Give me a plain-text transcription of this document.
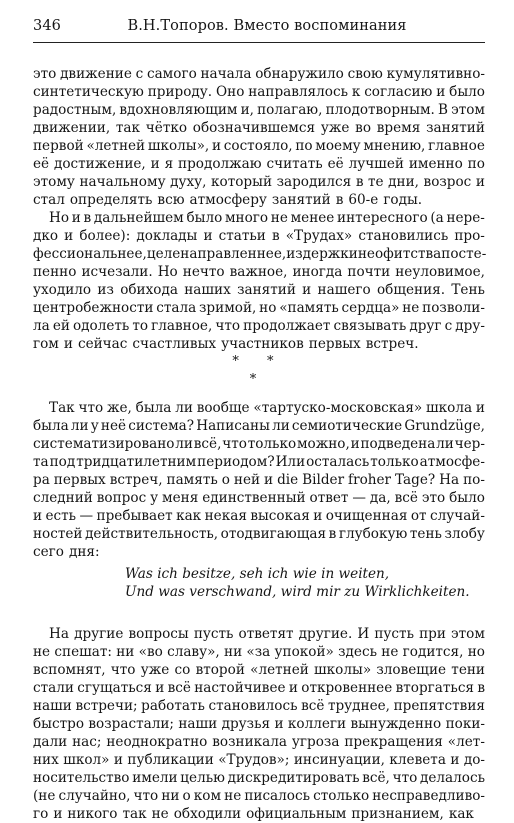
346	В.Н.Топоров. Вместо воспоминания
это движение с самого начала обнаружило свою кумулятивно-
синтетическую природу. Оно направлялось к согласию и было
радостным, вдохновляющим и, полагаю, плодотворным. В этом
движении, так чётко обозначившемся уже во время занятий
первой «летней школы», и состояло, по моему мнению, главное
её достижение, и я продолжаю считать её лучшей именно по
этому начальному духу, который зародился в те дни, возрос и
стал определять всю атмосферу занятий в 60-е годы.
Но и в дальнейшем было много не менее интересного (а нере-
дко и более): доклады и статьи в «Трудах» становились про-
фессиональнее, целенаправленнее, издержки неофитства посте-
пенно исчезали. Но нечто важное, иногда почти неуловимое,
уходило из обихода наших занятий и нашего общения. Тень
центробежности стала зримой, но «память сердца» не позволи-
ла ей одолеть то главное, что продолжает связывать друг с дру-
гом и сейчас счастливых участников первых встреч.
* *
*
Так что же, была ли вообще «тартуско-московская» школа и
была ли у неё система? Написаны ли семиотические Grundzüge,
систематизировано ли всё, что только можно, и подведена ли чер-
та под тридцатилетним периодом? Или осталась только атмосфе-
ра первых встреч, память о ней и die Bilder froher Tage? На по-
следний вопрос у меня единственный ответ — да, всё это было
и есть — пребывает как некая высокая и очищенная от случай-
ностей действительность, отодвигающая в глубокую тень злобу
сего дня:
Was ich besitze, seh ich wie in weiten,
Und was verschwand, wird mir zu Wirklichkeiten.
На другие вопросы пусть ответят другие. И пусть при этом
не спешат: ни «во славу», ни «за упокой» здесь не годится, но
вспомнят, что уже со второй «летней школы» зловещие тени
стали сгущаться и всё настойчивее и откровеннее вторгаться в
наши встречи; работать становилось всё труднее, препятствия
быстро возрастали; наши друзья и коллеги вынужденно поки-
дали нас; неоднократно возникала угроза прекращения «лет-
них школ» и публикации «Трудов»; инсинуации, клевета и до-
носительство имели целью дискредитировать всё, что делалось
(не случайно, что ни о ком не писалось столько несправедливо-
го и никого так не обходили официальным признанием, как
